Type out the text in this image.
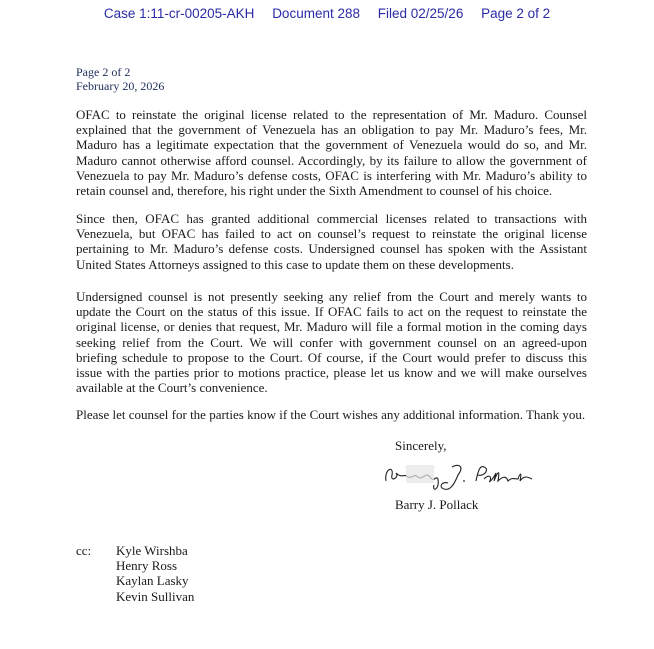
Case 1:11-cr-00205-AKH Document 288 Filed 02/25/26 Page 2 of 2
Page 2 of 2
February 20, 2026

OFAC to reinstate the original license related to the representation of Mr. Maduro. Counsel explained that the government of Venezuela has an obligation to pay Mr. Maduro’s fees, Mr. Maduro has a legitimate expectation that the government of Venezuela would do so, and Mr. Maduro cannot otherwise afford counsel. Accordingly, by its failure to allow the government of Venezuela to pay Mr. Maduro’s defense costs, OFAC is interfering with Mr. Maduro’s ability to retain counsel and, therefore, his right under the Sixth Amendment to counsel of his choice.

Since then, OFAC has granted additional commercial licenses related to transactions with Venezuela, but OFAC has failed to act on counsel’s request to reinstate the original license pertaining to Mr. Maduro’s defense costs. Undersigned counsel has spoken with the Assistant United States Attorneys assigned to this case to update them on these developments.

Undersigned counsel is not presently seeking any relief from the Court and merely wants to update the Court on the status of this issue. If OFAC fails to act on the request to reinstate the original license, or denies that request, Mr. Maduro will file a formal motion in the coming days seeking relief from the Court. We will confer with government counsel on an agreed-upon briefing schedule to propose to the Court. Of course, if the Court would prefer to discuss this issue with the parties prior to motions practice, please let us know and we will make ourselves available at the Court’s convenience.

Please let counsel for the parties know if the Court wishes any additional information. Thank you.

Sincerely,
Barry J. Pollack
cc: Kyle Wirshba
Henry Ross
Kaylan Lasky
Kevin Sullivan
